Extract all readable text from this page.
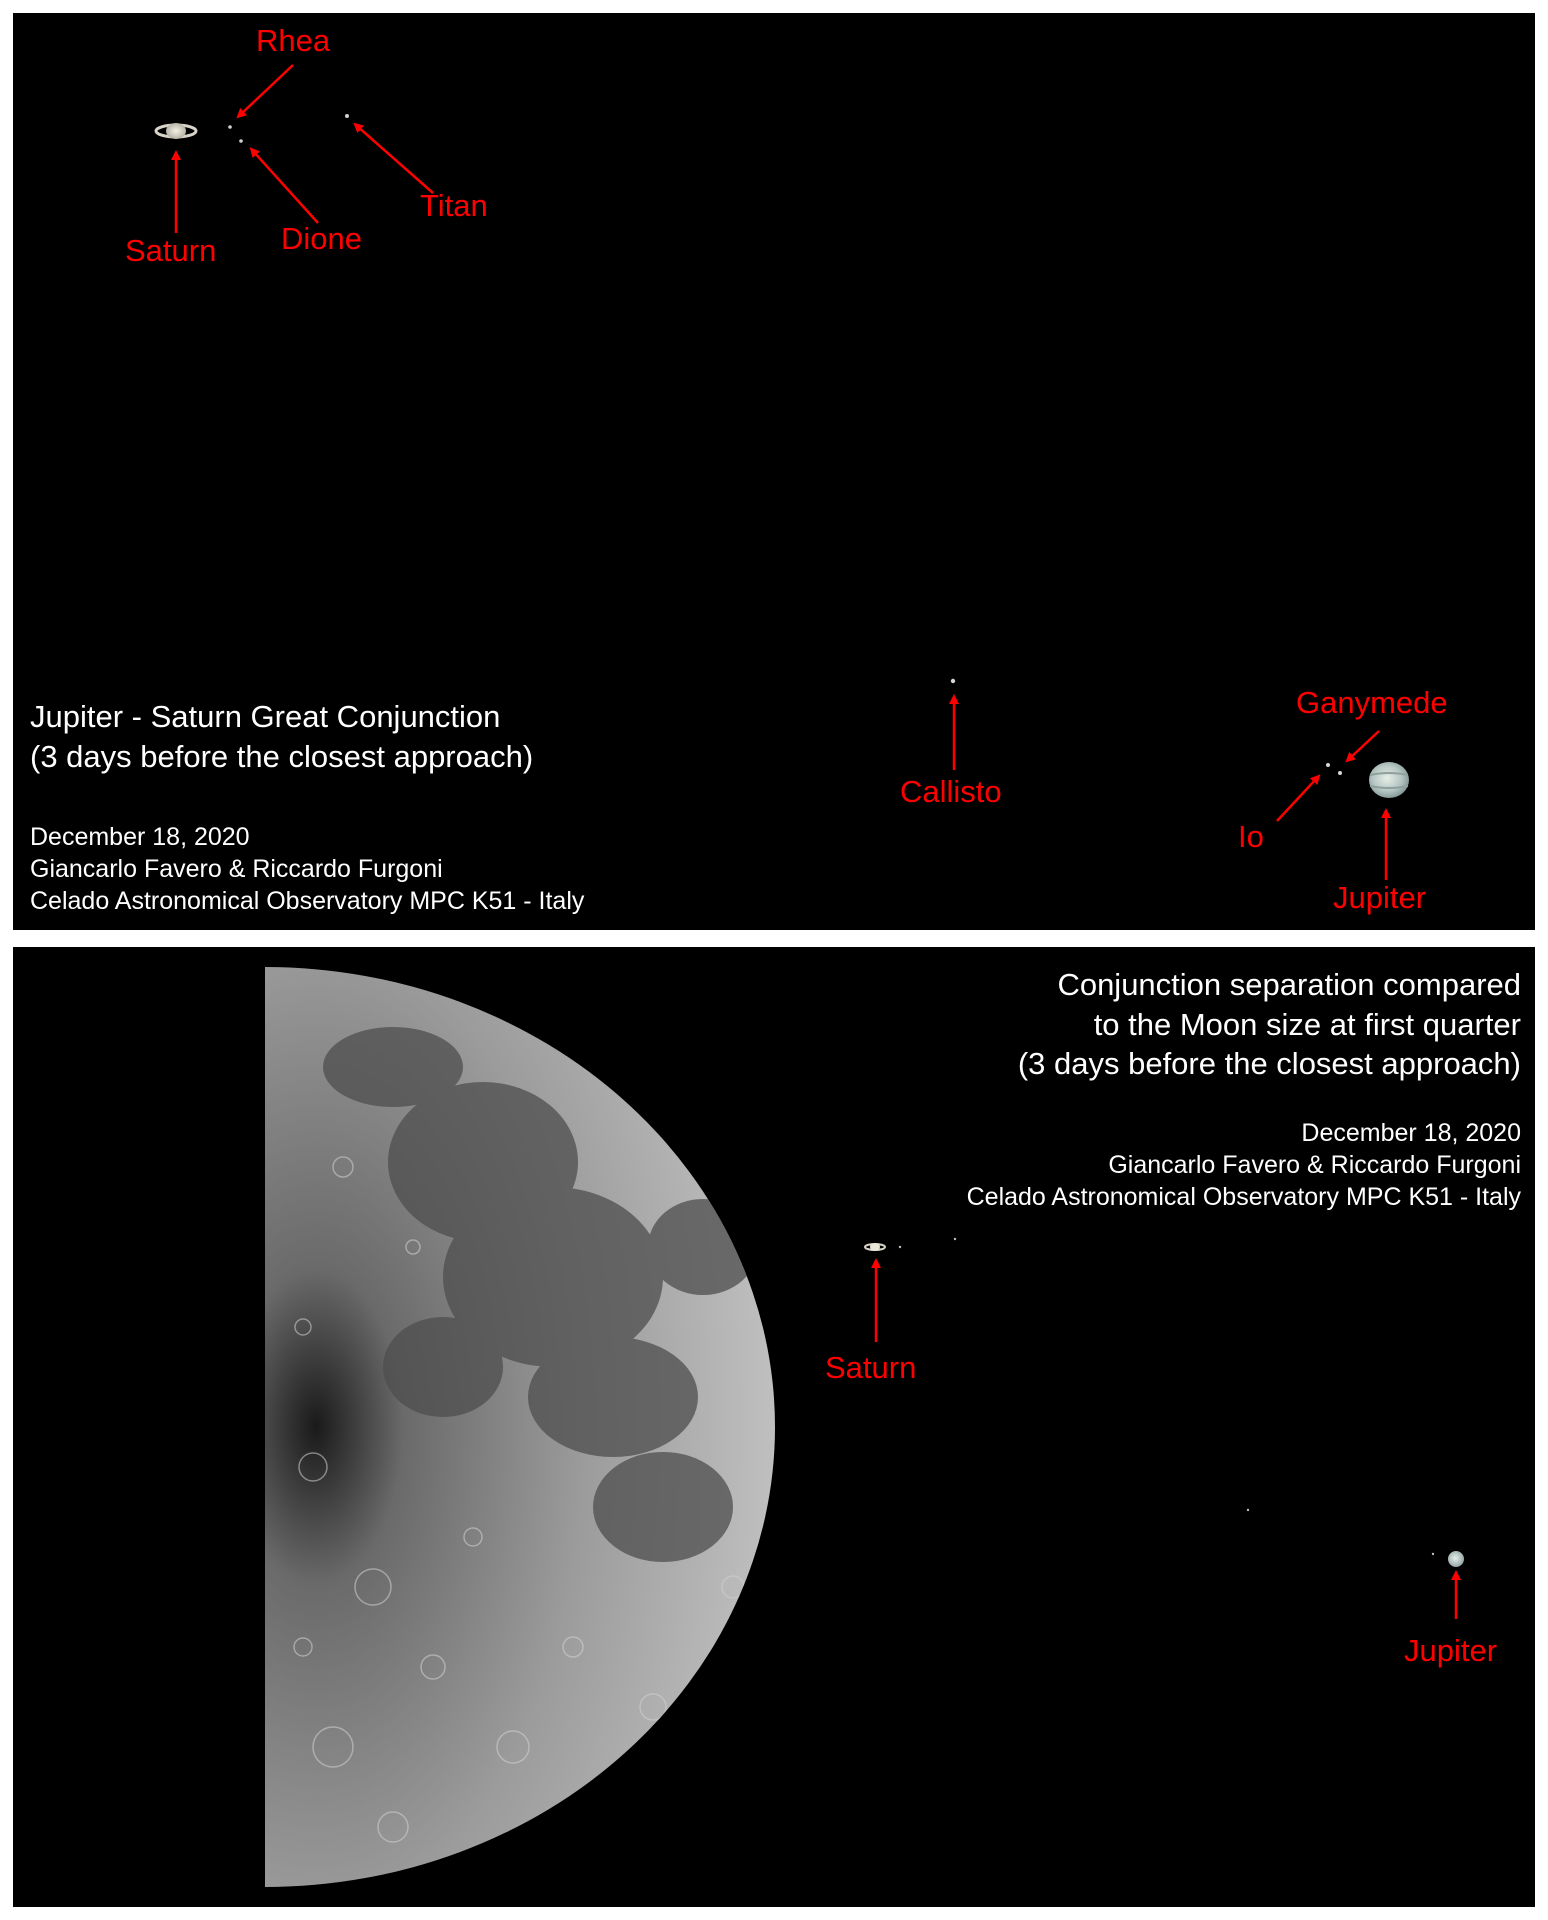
Rhea
Saturn Dione
Titan
Callisto
Ganymede
Io
Jupiter
Jupiter - Saturn Great Conjunction
(3 days before the closest approach)
December 18, 2020
Giancarlo Favero & Riccardo Furgoni
Celado Astronomical Observatory MPC K51 - Italy
Saturn
Jupiter
Conjunction separation compared
to the Moon size at first quarter
(3 days before the closest approach)
December 18, 2020
Giancarlo Favero & Riccardo Furgoni
Celado Astronomical Observatory MPC K51 - Italy
